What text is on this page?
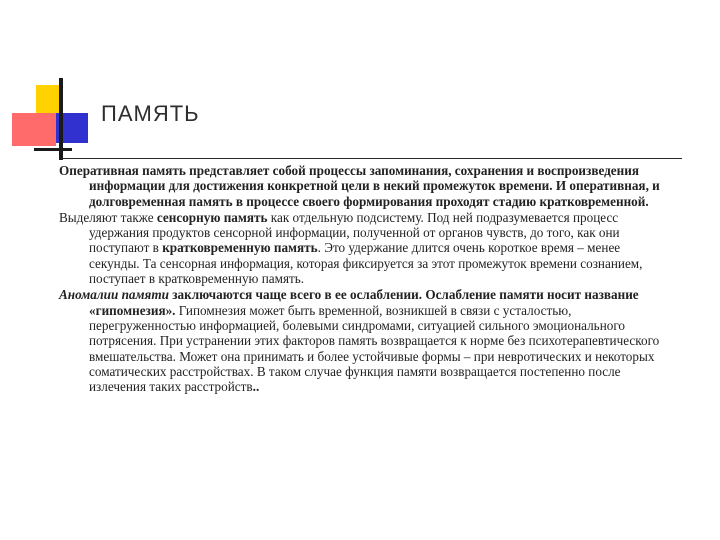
ПАМЯТЬ

Оперативная память представляет собой процессы запоминания, сохранения и воспроизведения информации для достижения конкретной цели в некий промежуток времени. И оперативная, и долговременная память в процессе своего формирования проходят стадию кратковременной.

Выделяют также сенсорную память как отдельную подсистему. Под ней подразумевается процесс удержания продуктов сенсорной информации, полученной от органов чувств, до того, как они поступают в кратковременную память. Это удержание длится очень короткое время – менее секунды. Та сенсорная информация, которая фиксируется за этот промежуток времени сознанием, поступает в кратковременную память.

Аномалии памяти заключаются чаще всего в ее ослаблении. Ослабление памяти носит название «гипомнезия». Гипомнезия может быть временной, возникшей в связи с усталостью, перегруженностью информацией, болевыми синдромами, ситуацией сильного эмоционального потрясения. При устранении этих факторов память возвращается к норме без психотерапевтического вмешательства. Может она принимать и более устойчивые формы – при невротических и некоторых соматических расстройствах. В таком случае функция памяти возвращается постепенно после излечения таких расстройств..
